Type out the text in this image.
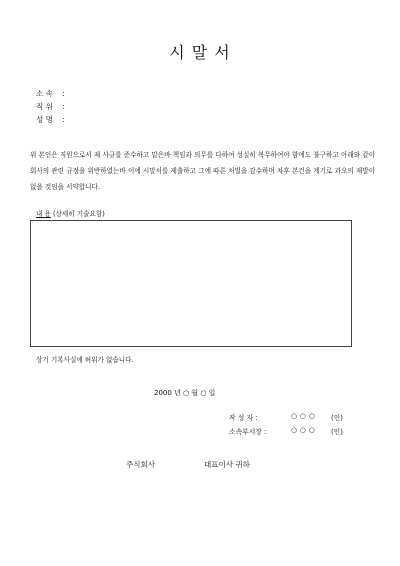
시 말 서
소 속 :
직 위 :
성 명 :
위 본인은 직원으로서 제 사규를 준수하고 맡은바 책임과 의무를 다하여 성실히 복무하여야 함에도 불구하고 아래와 같이 회사의 관련 규정을 위반하였는바 이에 시말서를 제출하고 그에 따른 처벌을 감수하며 차후 본건을 계기로 과오의 재발이 없을 것임을 서약합니다.
내 용 (상세히 기술요함)
상기 기록사실에 허위가 없습니다.
2000 년 ○ 월 ○ 일
작 성 자 :	○○○ (인)
소속부서장 :	○○○ (인)
주식회사	대표이사 귀하
